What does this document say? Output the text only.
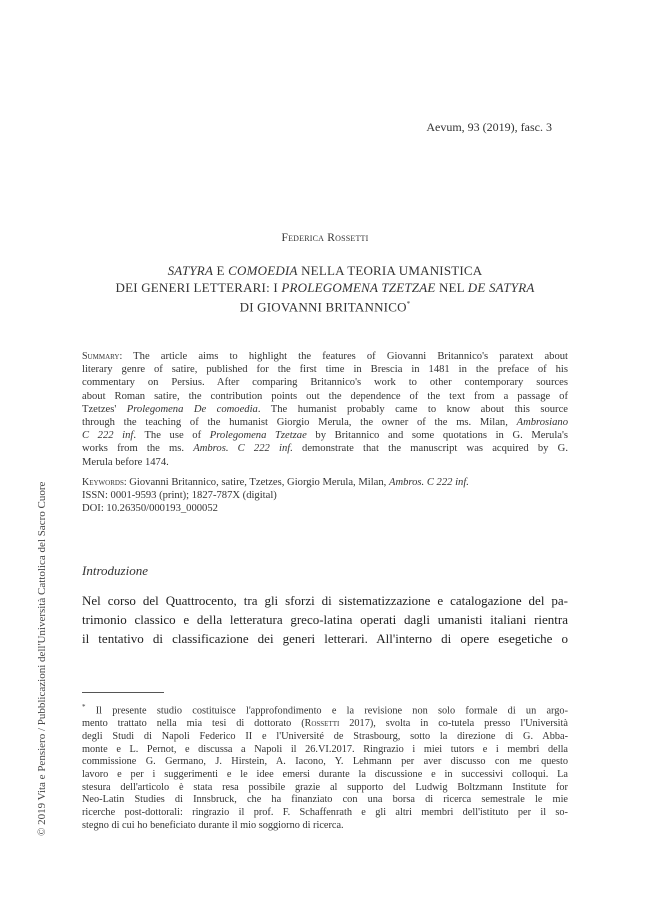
Aevum, 93 (2019), fasc. 3
Federica Rossetti
SATYRA E COMOEDIA NELLA TEORIA UMANISTICA
DEI GENERI LETTERARI: I PROLEGOMENA TZETZAE NEL DE SATYRA
DI GIOVANNI BRITANNICO*
Summary: The article aims to highlight the features of Giovanni Britannico's paratext about
literary genre of satire, published for the first time in Brescia in 1481 in the preface of his
commentary on Persius. After comparing Britannico's work to other contemporary sources
about Roman satire, the contribution points out the dependence of the text from a passage of
Tzetzes' Prolegomena De comoedia. The humanist probably came to know about this source
through the teaching of the humanist Giorgio Merula, the owner of the ms. Milan, Ambrosiano
C 222 inf. The use of Prolegomena Tzetzae by Britannico and some quotations in G. Merula's
works from the ms. Ambros. C 222 inf. demonstrate that the manuscript was acquired by G.
Merula before 1474.
Keywords: Giovanni Britannico, satire, Tzetzes, Giorgio Merula, Milan, Ambros. C 222 inf.
ISSN: 0001-9593 (print); 1827-787X (digital)
DOI: 10.26350/000193_000052
Introduzione
Nel corso del Quattrocento, tra gli sforzi di sistematizzazione e catalogazione del pa-
trimonio classico e della letteratura greco-latina operati dagli umanisti italiani rientra
il tentativo di classificazione dei generi letterari. All'interno di opere esegetiche o
* Il presente studio costituisce l'approfondimento e la revisione non solo formale di un argo-
mento trattato nella mia tesi di dottorato (Rossetti 2017), svolta in co-tutela presso l'Università
degli Studi di Napoli Federico II e l'Université de Strasbourg, sotto la direzione di G. Abba-
monte e L. Pernot, e discussa a Napoli il 26.VI.2017. Ringrazio i miei tutors e i membri della
commissione G. Germano, J. Hirstein, A. Iacono, Y. Lehmann per aver discusso con me questo
lavoro e per i suggerimenti e le idee emersi durante la discussione e in successivi colloqui. La
stesura dell'articolo è stata resa possibile grazie al supporto del Ludwig Boltzmann Institute for
Neo-Latin Studies di Innsbruck, che ha finanziato con una borsa di ricerca semestrale le mie
ricerche post-dottorali: ringrazio il prof. F. Schaffenrath e gli altri membri dell'istituto per il so-
stegno di cui ho beneficiato durante il mio soggiorno di ricerca.
© 2019 Vita e Pensiero / Pubblicazioni dell'Università Cattolica del Sacro Cuore
